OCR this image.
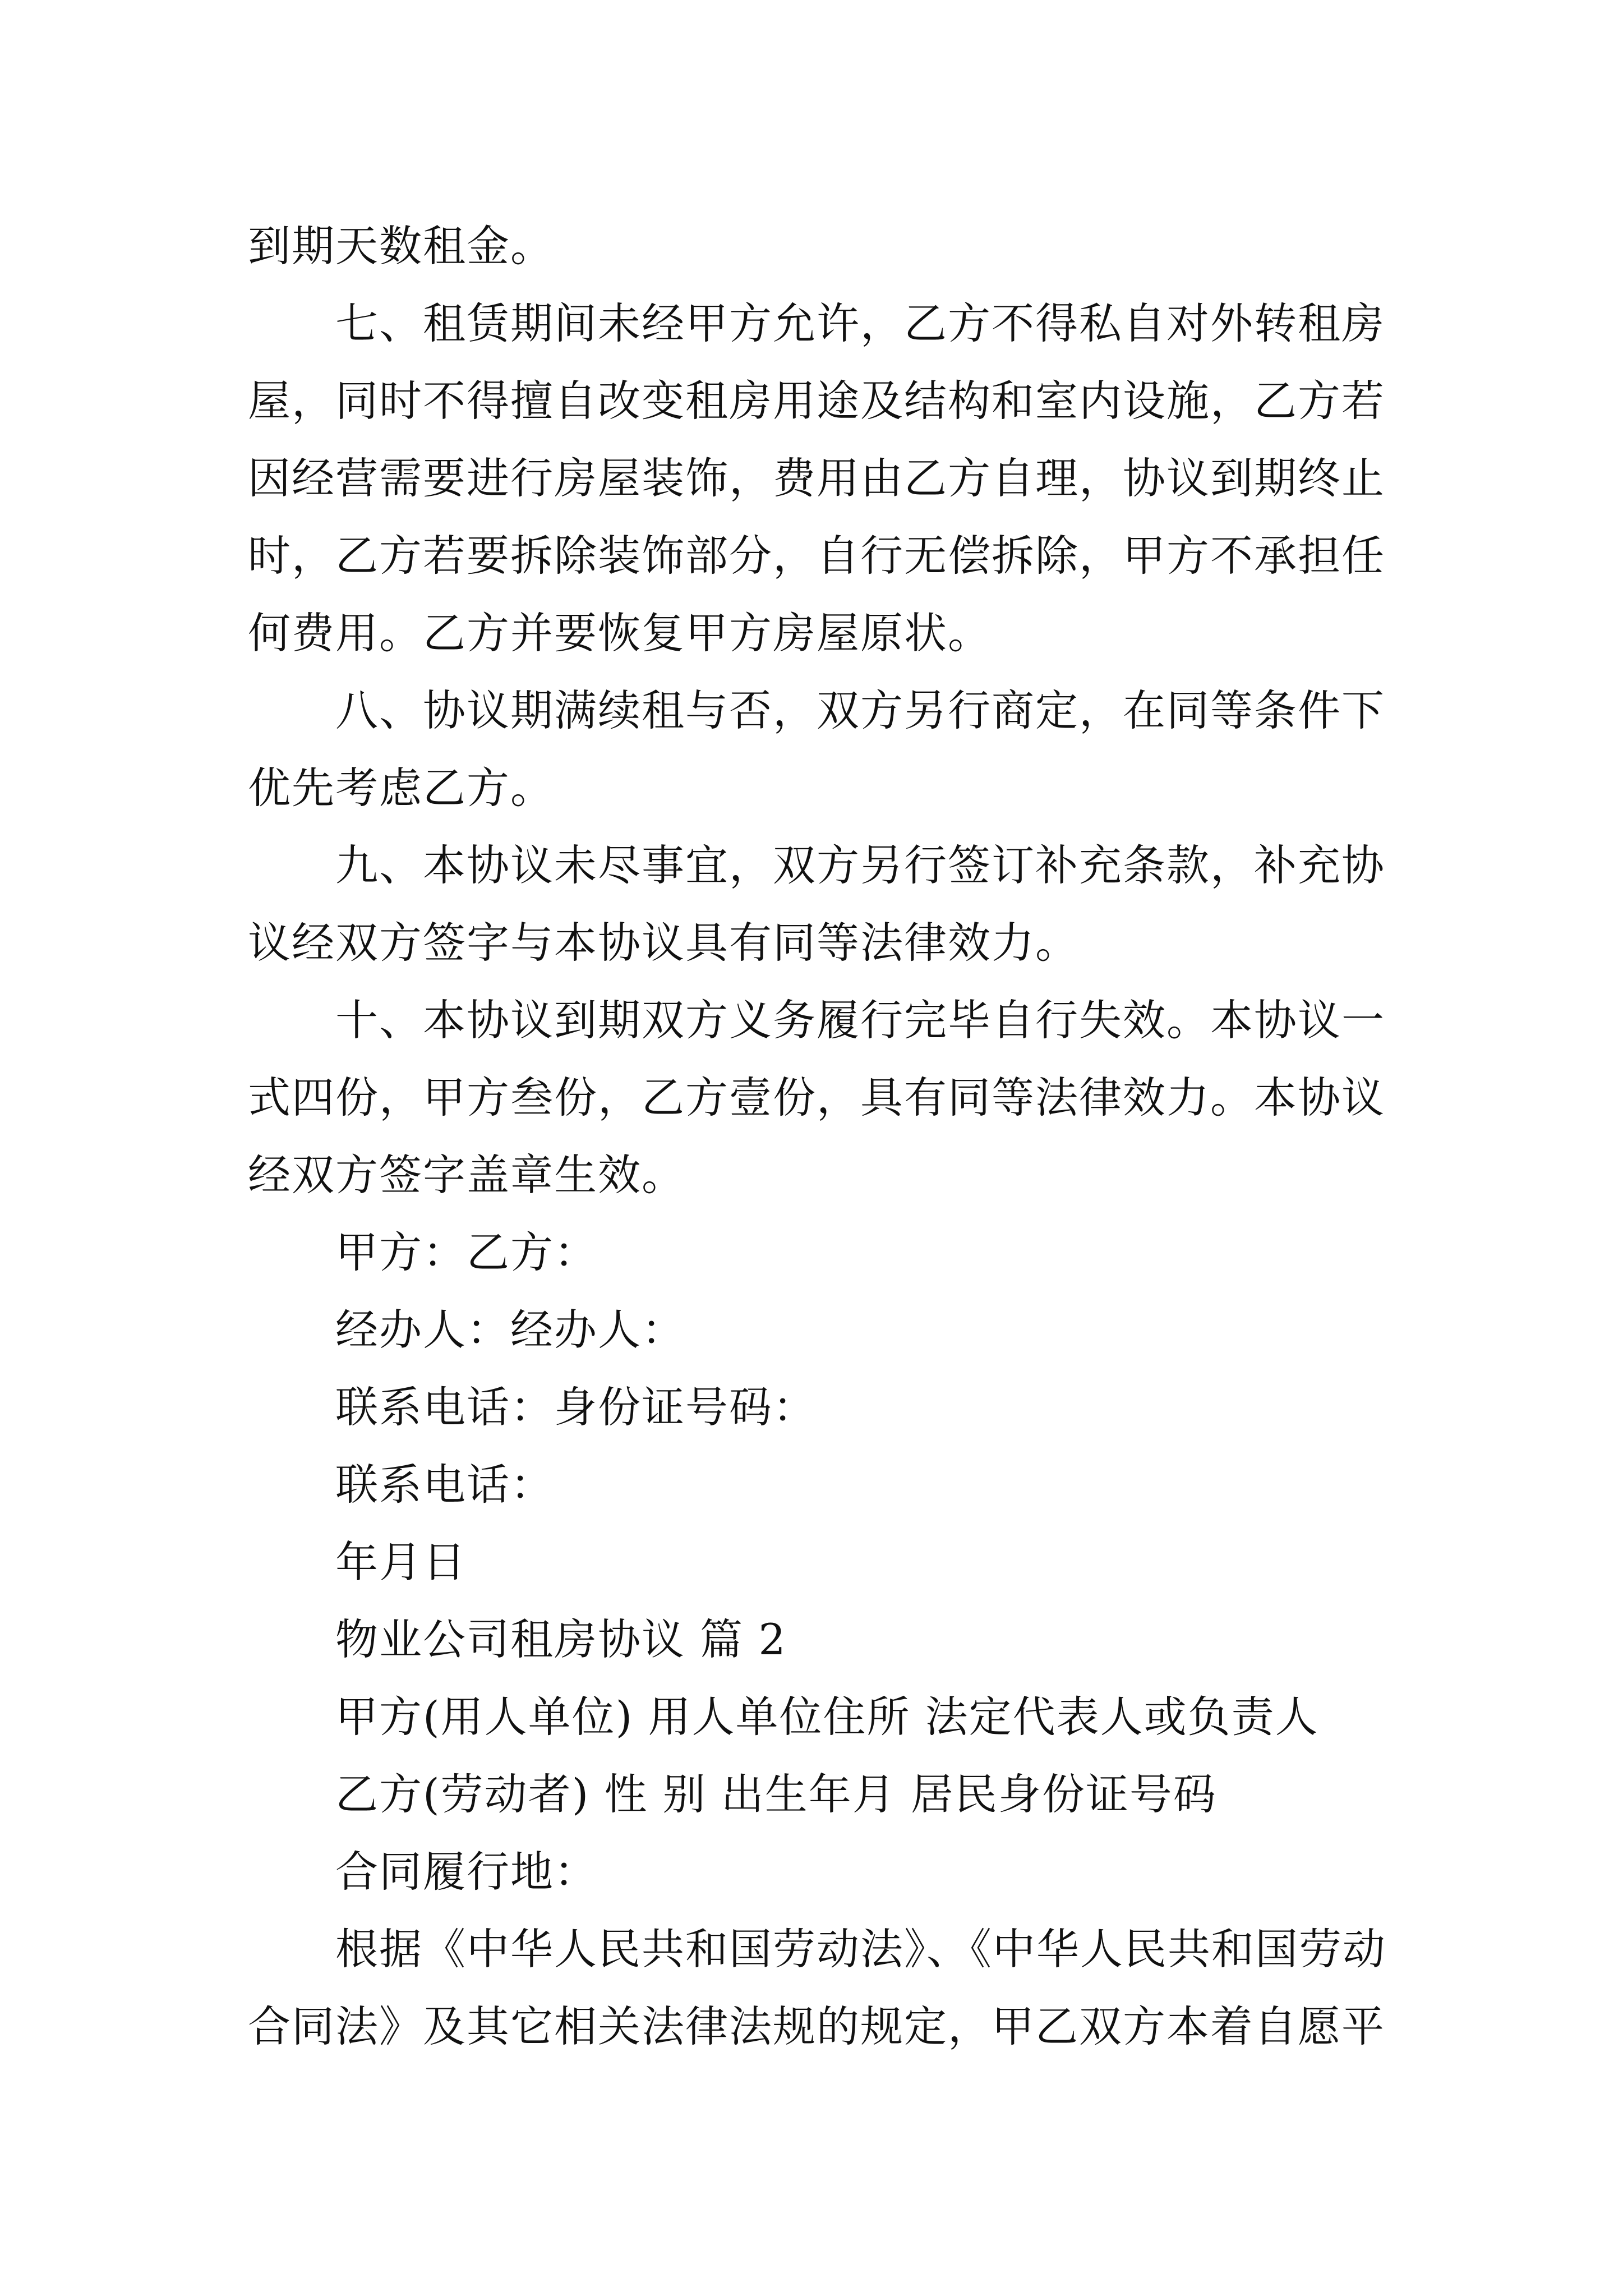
到期天数租金。
七、租赁期间未经甲方允许，乙方不得私自对外转租房
屋，同时不得擅自改变租房用途及结构和室内设施，乙方若
因经营需要进行房屋装饰，费用由乙方自理，协议到期终止
时，乙方若要拆除装饰部分，自行无偿拆除，甲方不承担任
何费用。乙方并要恢复甲方房屋原状。
八、协议期满续租与否，双方另行商定，在同等条件下
优先考虑乙方。
九、本协议未尽事宜，双方另行签订补充条款，补充协
议经双方签字与本协议具有同等法律效力。
十、本协议到期双方义务履行完毕自行失效。本协议一
式四份，甲方叁份，乙方壹份，具有同等法律效力。本协议
经双方签字盖章生效。
甲方：乙方：
经办人：经办人：
联系电话：身份证号码：
联系电话：
年月日
物业公司租房协议 篇 2
甲方(用人单位) 用人单位住所 法定代表人或负责人
乙方(劳动者) 性 别 出生年月 居民身份证号码
合同履行地：
根据《中华人民共和国劳动法》、《中华人民共和国劳动
合同法》及其它相关法律法规的规定，甲乙双方本着自愿平
